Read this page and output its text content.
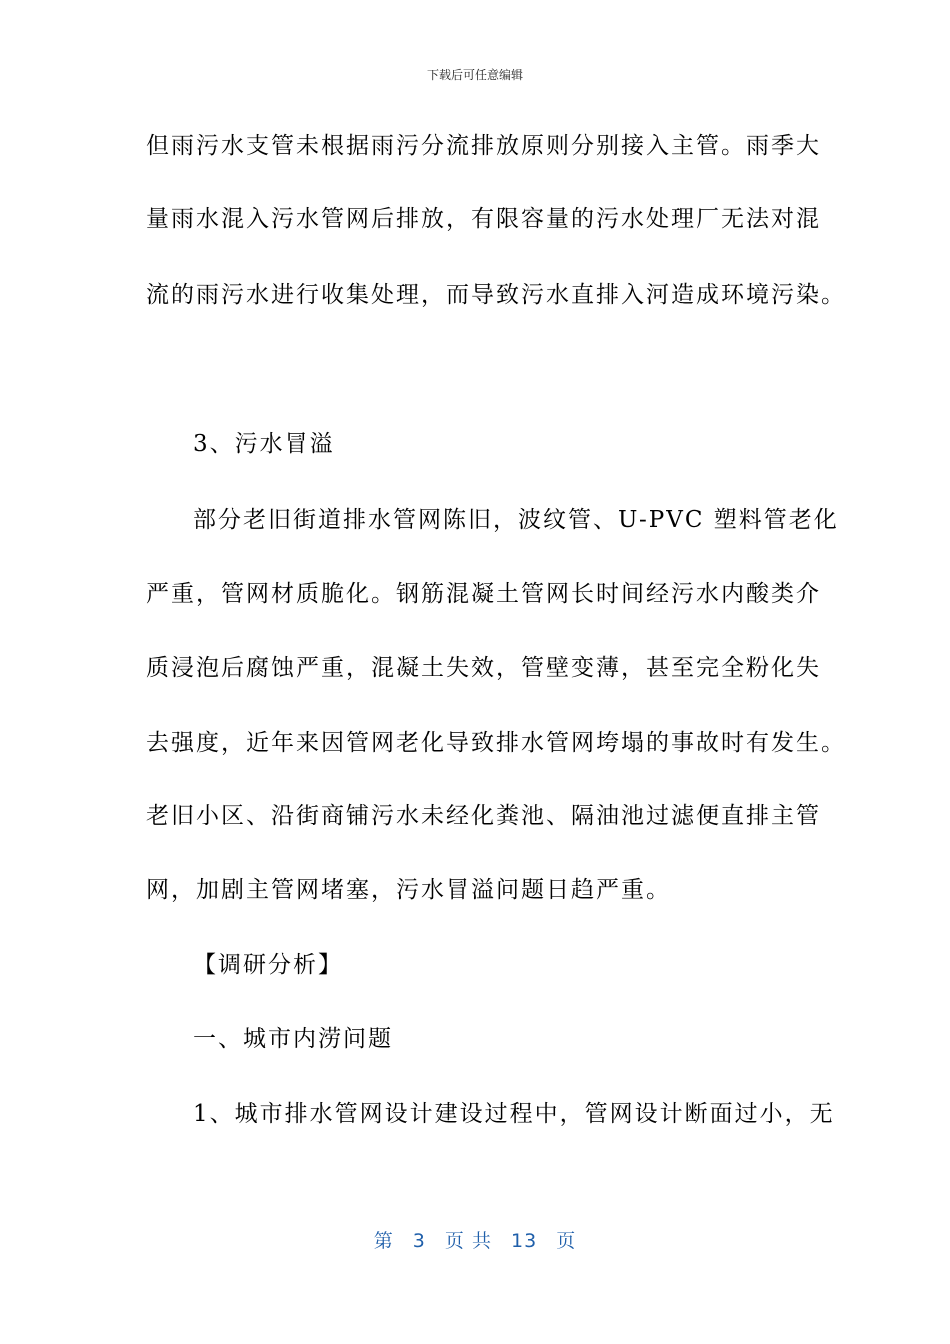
下载后可任意编辑
但雨污水支管未根据雨污分流排放原则分别接入主管。雨季大
量雨水混入污水管网后排放，有限容量的污水处理厂无法对混
流的雨污水进行收集处理，而导致污水直排入河造成环境污染。
3、污水冒溢
部分老旧街道排水管网陈旧，波纹管、U-PVC 塑料管老化
严重，管网材质脆化。钢筋混凝土管网长时间经污水内酸类介
质浸泡后腐蚀严重，混凝土失效，管壁变薄，甚至完全粉化失
去强度，近年来因管网老化导致排水管网垮塌的事故时有发生。
老旧小区、沿街商铺污水未经化粪池、隔油池过滤便直排主管
网，加剧主管网堵塞，污水冒溢问题日趋严重。
【调研分析】
一、城市内涝问题
1、城市排水管网设计建设过程中，管网设计断面过小，无
第 3 页 共 13 页
